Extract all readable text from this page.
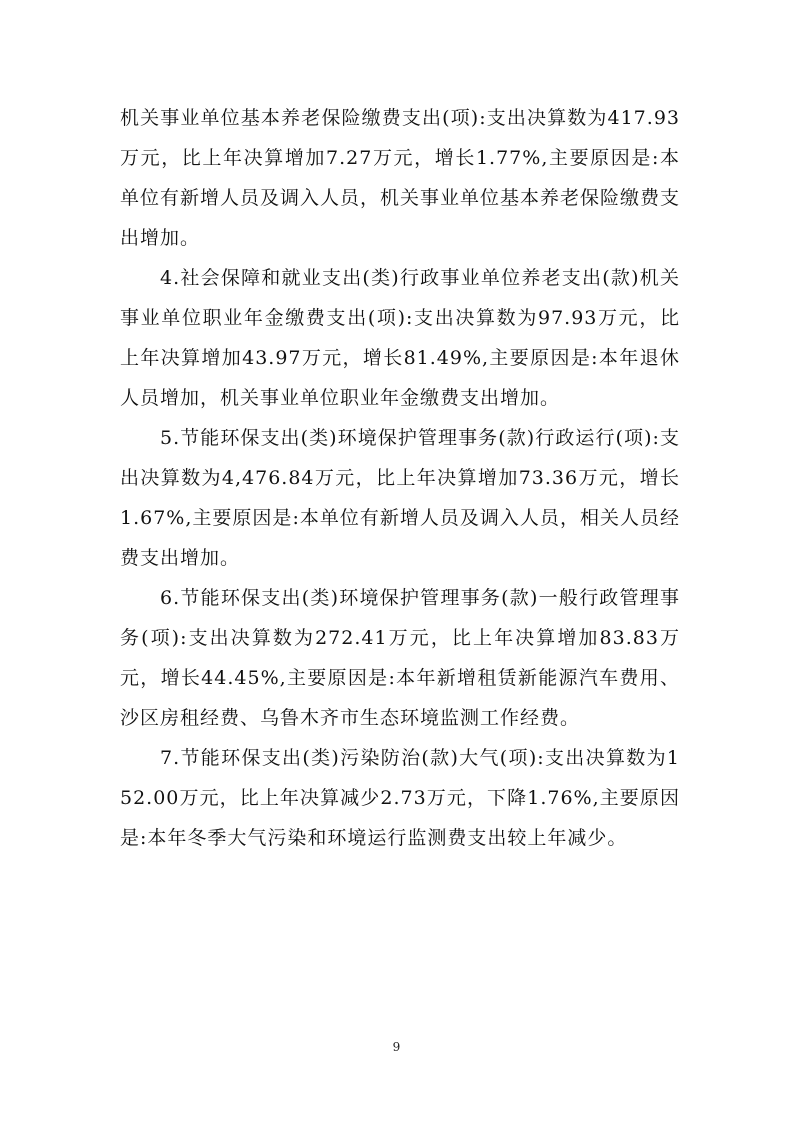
机关事业单位基本养老保险缴费支出(项):支出决算数为417.93万元，比上年决算增加7.27万元，增长1.77%,主要原因是:本单位有新增人员及调入人员，机关事业单位基本养老保险缴费支出增加。

4.社会保障和就业支出(类)行政事业单位养老支出(款)机关事业单位职业年金缴费支出(项):支出决算数为97.93万元，比上年决算增加43.97万元，增长81.49%,主要原因是:本年退休人员增加，机关事业单位职业年金缴费支出增加。

5.节能环保支出(类)环境保护管理事务(款)行政运行(项):支出决算数为4,476.84万元，比上年决算增加73.36万元，增长1.67%,主要原因是:本单位有新增人员及调入人员，相关人员经费支出增加。

6.节能环保支出(类)环境保护管理事务(款)一般行政管理事务(项):支出决算数为272.41万元，比上年决算增加83.83万元，增长44.45%,主要原因是:本年新增租赁新能源汽车费用、沙区房租经费、乌鲁木齐市生态环境监测工作经费。

7.节能环保支出(类)污染防治(款)大气(项):支出决算数为152.00万元，比上年决算减少2.73万元，下降1.76%,主要原因是:本年冬季大气污染和环境运行监测费支出较上年减少。

9
